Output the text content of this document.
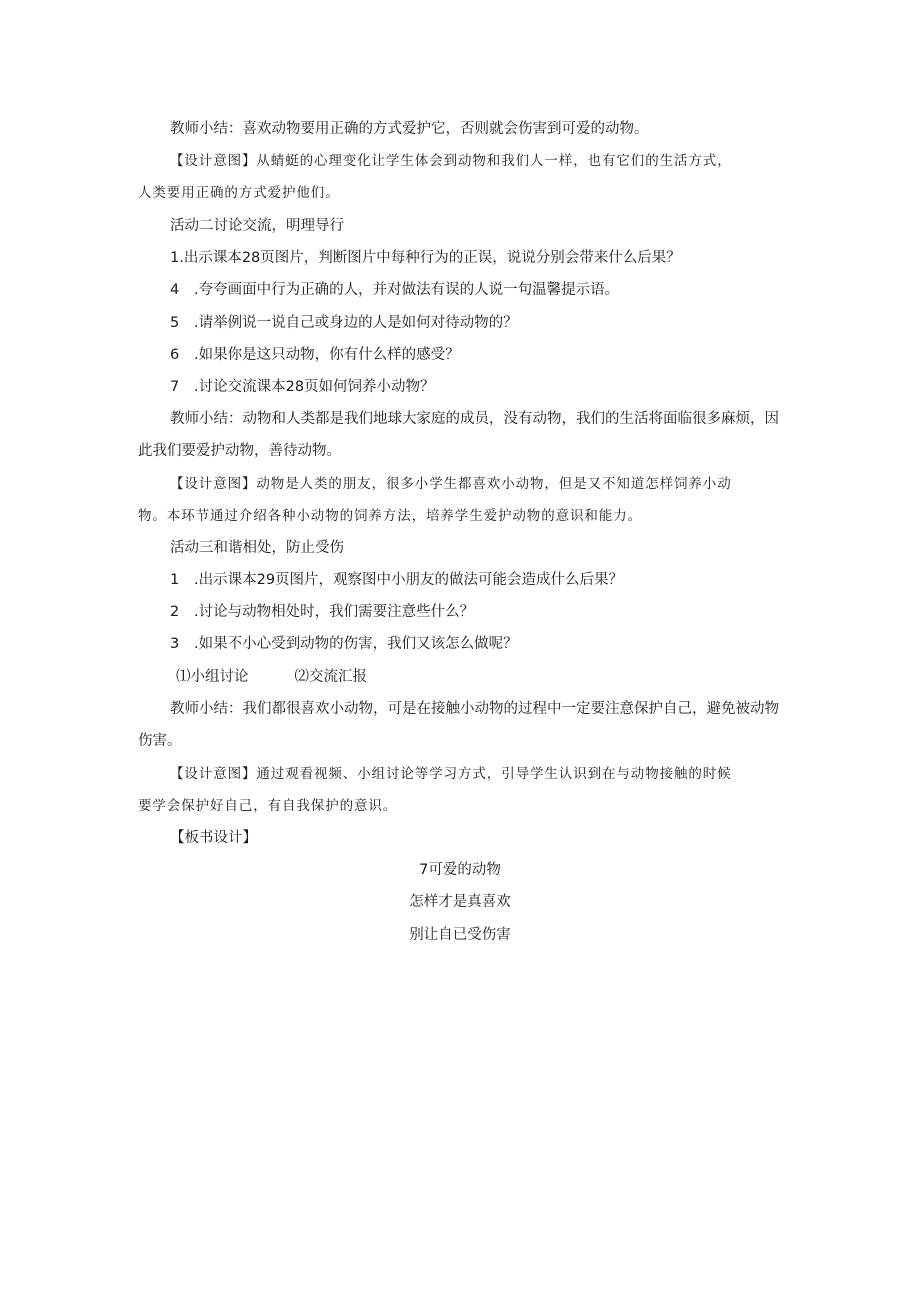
教师小结：喜欢动物要用正确的方式爱护它，否则就会伤害到可爱的动物。
【设计意图】从蜻蜓的心理变化让学生体会到动物和我们人一样，也有它们的生活方式，
人类要用正确的方式爱护他们。
活动二讨论交流，明理导行
1.出示课本28页图片，判断图片中每种行为的正误，说说分别会带来什么后果？
4 .夸夸画面中行为正确的人，并对做法有误的人说一句温馨提示语。
5 .请举例说一说自己或身边的人是如何对待动物的？
6 .如果你是这只动物，你有什么样的感受？
7 .讨论交流课本28页如何饲养小动物？
教师小结：动物和人类都是我们地球大家庭的成员，没有动物，我们的生活将面临很多麻烦，因
此我们要爱护动物，善待动物。
【设计意图】动物是人类的朋友，很多小学生都喜欢小动物，但是又不知道怎样饲养小动
物。本环节通过介绍各种小动物的饲养方法，培养学生爱护动物的意识和能力。
活动三和谐相处，防止受伤
1 .出示课本29页图片，观察图中小朋友的做法可能会造成什么后果？
2 .讨论与动物相处时，我们需要注意些什么？
3 .如果不小心受到动物的伤害，我们又该怎么做呢？
⑴小组讨论	⑵交流汇报
教师小结：我们都很喜欢小动物，可是在接触小动物的过程中一定要注意保护自己，避免被动物
伤害。
【设计意图】通过观看视频、小组讨论等学习方式，引导学生认识到在与动物接触的时候
要学会保护好自己，有自我保护的意识。
【板书设计】
7可爱的动物
怎样才是真喜欢
别让自已受伤害
